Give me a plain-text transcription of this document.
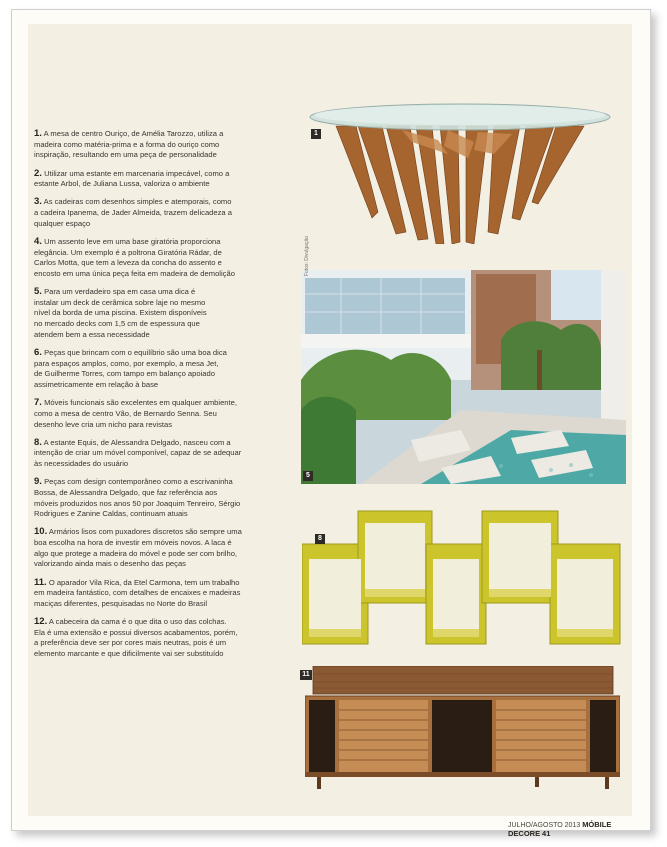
1. A mesa de centro Ouriço, de Amélia Tarozzo, utiliza a
madeira como matéria-prima e a forma do ouriço como
inspiração, resultando em uma peça de personalidade

2. Utilizar uma estante em marcenaria impecável, como a
estante Arbol, de Juliana Lussa, valoriza o ambiente

3. As cadeiras com desenhos simples e atemporais, como
a cadeira Ipanema, de Jader Almeida, trazem delicadeza a
qualquer espaço

4. Um assento leve em uma base giratória proporciona
elegância. Um exemplo é a poltrona Giratória Rádar, de
Carlos Motta, que tem a leveza da concha do assento e
encosto em uma única peça feita em madeira de demolição

5. Para um verdadeiro spa em casa uma dica é
instalar um deck de cerâmica sobre laje no mesmo
nível da borda de uma piscina. Existem disponíveis
no mercado decks com 1,5 cm de espessura que
atendem bem a essa necessidade

6. Peças que brincam com o equilíbrio são uma boa dica
para espaços amplos, como, por exemplo, a mesa Jet,
de Guilherme Torres, com tampo em balanço apoiado
assimetricamente em relação à base

7. Móveis funcionais são excelentes em qualquer ambiente,
como a mesa de centro Vão, de Bernardo Senna. Seu
desenho leve cria um nicho para revistas

8. A estante Equis, de Alessandra Delgado, nasceu com a
intenção de criar um móvel componível, capaz de se adequar
às necessidades do usuário

9. Peças com design contemporâneo como a escrivaninha
Bossa, de Alessandra Delgado, que faz referência aos
móveis produzidos nos anos 50 por Joaquim Tenreiro, Sérgio
Rodrigues e Zanine Caldas, continuam atuais

10. Armários lisos com puxadores discretos são sempre uma
boa escolha na hora de investir em móveis novos. A laca é
algo que protege a madeira do móvel e pode ser com brilho,
valorizando ainda mais o desenho das peças

11. O aparador Vila Rica, da Etel Carmona, tem um trabalho
em madeira fantástico, com detalhes de encaixes e madeiras
maciças diferentes, pesquisadas no Norte do Brasil

12. A cabeceira da cama é o que dita o uso das colchas.
Ela é uma extensão e possui diversos acabamentos, porém,
a preferência deve ser por cores mais neutras, pois é um
elemento marcante e que dificilmente vai ser substituído

1
5
Fotos: Divulgação
8
11
JULHO/AGOSTO 2013 MÓBILE DECORE 41
